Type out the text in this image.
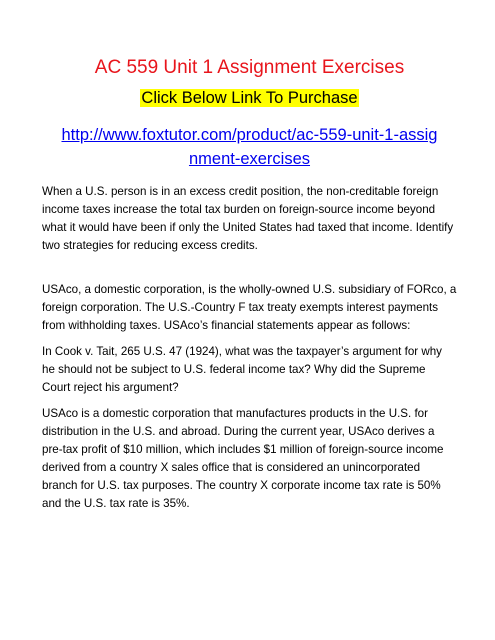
AC 559 Unit 1 Assignment Exercises

Click Below Link To Purchase

http://www.foxtutor.com/product/ac-559-unit-1-assignment-exercises

When a U.S. person is in an excess credit position, the non-creditable foreign income taxes increase the total tax burden on foreign-source income beyond what it would have been if only the United States had taxed that income. Identify two strategies for reducing excess credits.

USAco, a domestic corporation, is the wholly-owned U.S. subsidiary of FORco, a foreign corporation. The U.S.-Country F tax treaty exempts interest payments from withholding taxes. USAco’s financial statements appear as follows:

In Cook v. Tait, 265 U.S. 47 (1924), what was the taxpayer’s argument for why he should not be subject to U.S. federal income tax? Why did the Supreme Court reject his argument?

USAco is a domestic corporation that manufactures products in the U.S. for distribution in the U.S. and abroad. During the current year, USAco derives a pre-tax profit of $10 million, which includes $1 million of foreign-source income derived from a country X sales office that is considered an unincorporated branch for U.S. tax purposes. The country X corporate income tax rate is 50% and the U.S. tax rate is 35%.
